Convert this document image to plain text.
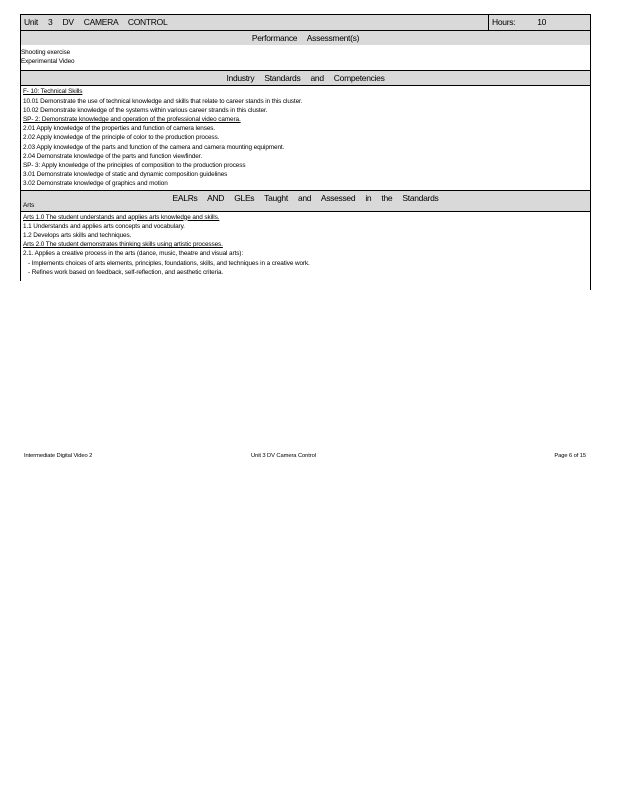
Unit 3 DV CAMERA CONTROL	Hours:	10
Performance Assessment(s)
Shooting exercise
Experimental Video
Industry Standards and Competencies
F- 10: Technical Skills
10.01 Demonstrate the use of technical knowledge and skills that relate to career stands in this cluster.
10.02 Demonstrate knowledge of the systems within various career strands in this cluster.
SP- 2: Demonstrate knowledge and operation of the professional video camera.
2.01 Apply knowledge of the properties and function of camera lenses.
2.02 Apply knowledge of the principle of color to the production process.
2.03 Apply knowledge of the parts and function of the camera and camera mounting equipment.
2.04 Demonstrate knowledge of the parts and function viewfinder.
SP- 3: Apply knowledge of the principles of composition to the production process
3.01 Demonstrate knowledge of static and dynamic composition guidelines
3.02 Demonstrate knowledge of graphics and motion
EALRs AND GLEs Taught and Assessed in the Standards
Arts
Arts 1.0 The student understands and applies arts knowledge and skills.
1.1 Understands and applies arts concepts and vocabulary.
1.2 Develops arts skills and techniques.
Arts 2.0 The student demonstrates thinking skills using artistic processes.
2.1. Applies a creative process in the arts (dance, music, theatre and visual arts):
- Implements choices of arts elements, principles, foundations, skills, and techniques in a creative work.
- Refines work based on feedback, self-reflection, and aesthetic criteria.
Intermediate Digital Video 2	Unit 3 DV Camera Control	Page 6 of 15
